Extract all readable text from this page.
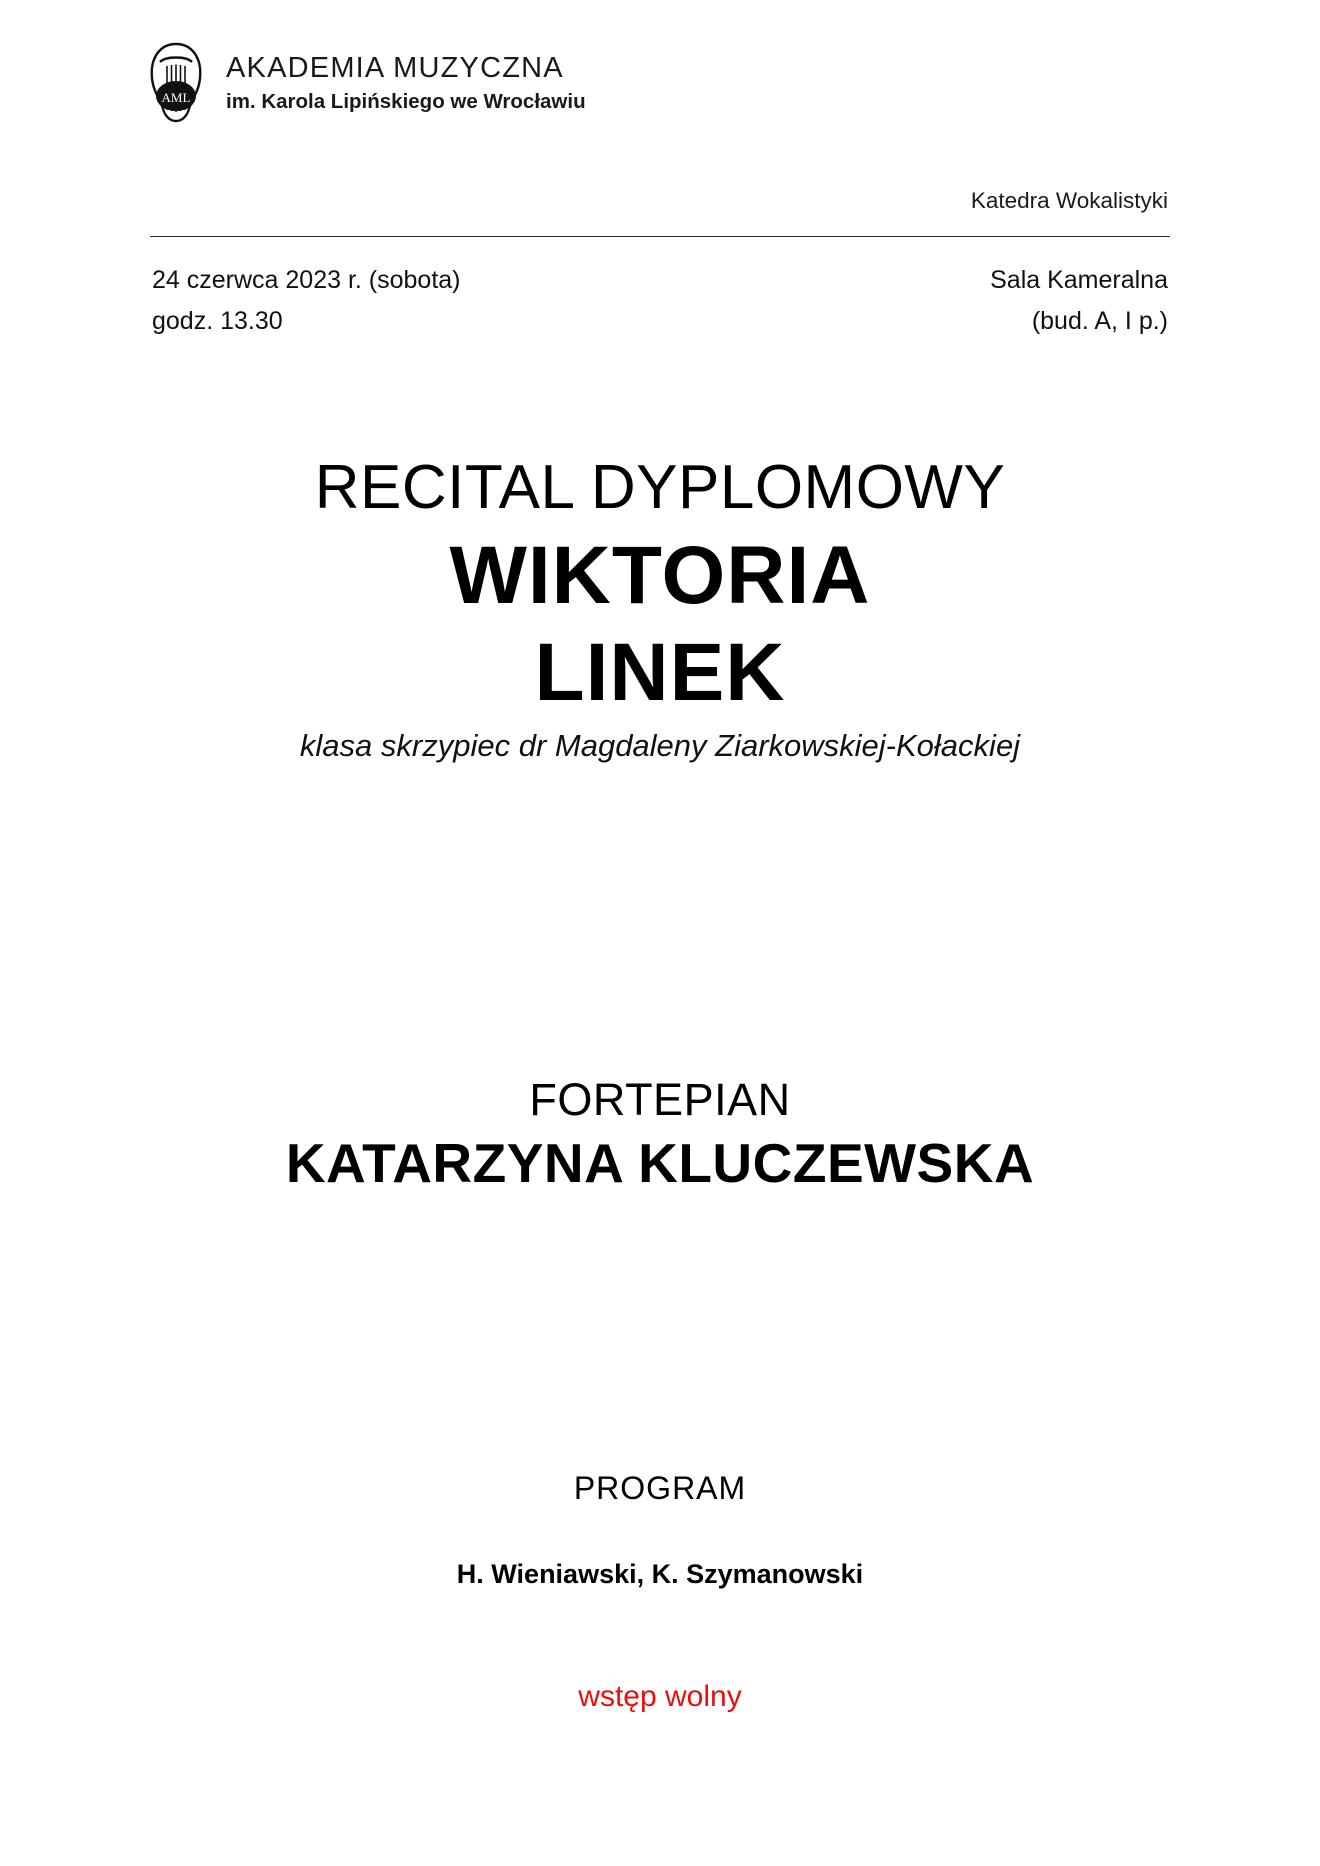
AML
AKADEMIA MUZYCZNA
im. Karola Lipińskiego we Wrocławiu
Katedra Wokalistyki
24 czerwca 2023 r. (sobota)	Sala Kameralna
godz. 13.30	(bud. A, I p.)
RECITAL DYPLOMOWY
WIKTORIA
LINEK
klasa skrzypiec dr Magdaleny Ziarkowskiej-Kołackiej
FORTEPIAN
KATARZYNA KLUCZEWSKA
PROGRAM
H. Wieniawski, K. Szymanowski
wstęp wolny
